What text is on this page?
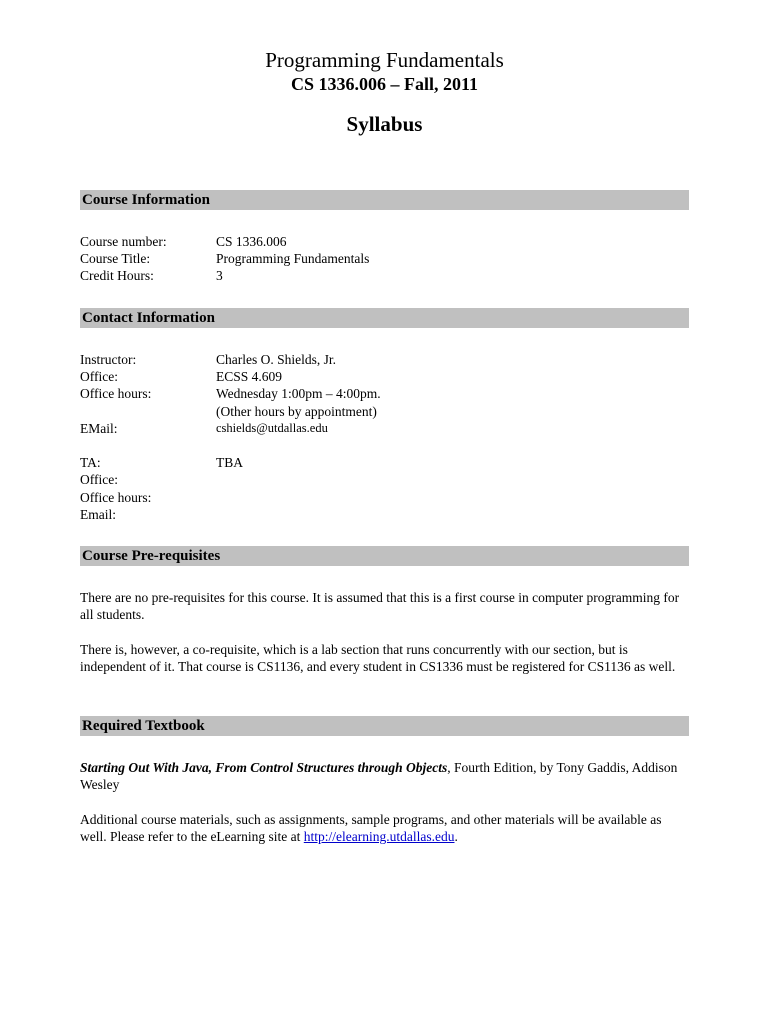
Programming Fundamentals
CS 1336.006 – Fall, 2011
Syllabus
Course Information
Course number:	CS 1336.006
Course Title:	Programming Fundamentals
Credit Hours:	3
Contact Information
Instructor:	Charles O. Shields, Jr.
Office:	ECSS 4.609
Office hours:	Wednesday 1:00pm – 4:00pm.
(Other hours by appointment)
EMail:	cshields@utdallas.edu
TA:	TBA
Office:
Office hours:
Email:
Course Pre-requisites

There are no pre-requisites for this course. It is assumed that this is a first course in computer programming for all students.

There is, however, a co-requisite, which is a lab section that runs concurrently with our section, but is independent of it. That course is CS1136, and every student in CS1336 must be registered for CS1136 as well.

Required Textbook

Starting Out With Java, From Control Structures through Objects, Fourth Edition, by Tony Gaddis, Addison Wesley

Additional course materials, such as assignments, sample programs, and other materials will be available as well. Please refer to the eLearning site at http://elearning.utdallas.edu.
